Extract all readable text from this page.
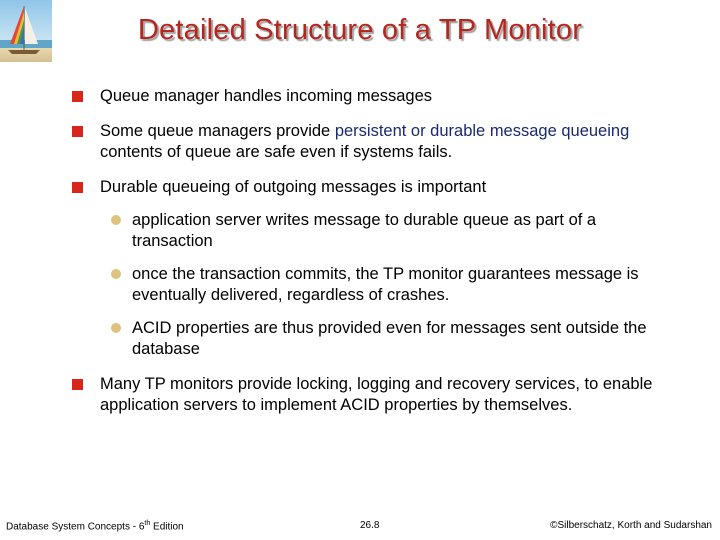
Detailed Structure of a TP Monitor
Queue manager handles incoming messages
Some queue managers provide persistent or durable message queueing contents of queue are safe even if systems fails.
Durable queueing of outgoing messages is important
application server writes message to durable queue as part of a transaction
once the transaction commits, the TP monitor guarantees message is eventually delivered, regardless of crashes.
ACID properties are thus provided even for messages sent outside the database
Many TP monitors provide locking, logging and recovery services, to enable application servers to implement ACID properties by themselves.
Database System Concepts - 6th Edition	26.8	©Silberschatz, Korth and Sudarshan
